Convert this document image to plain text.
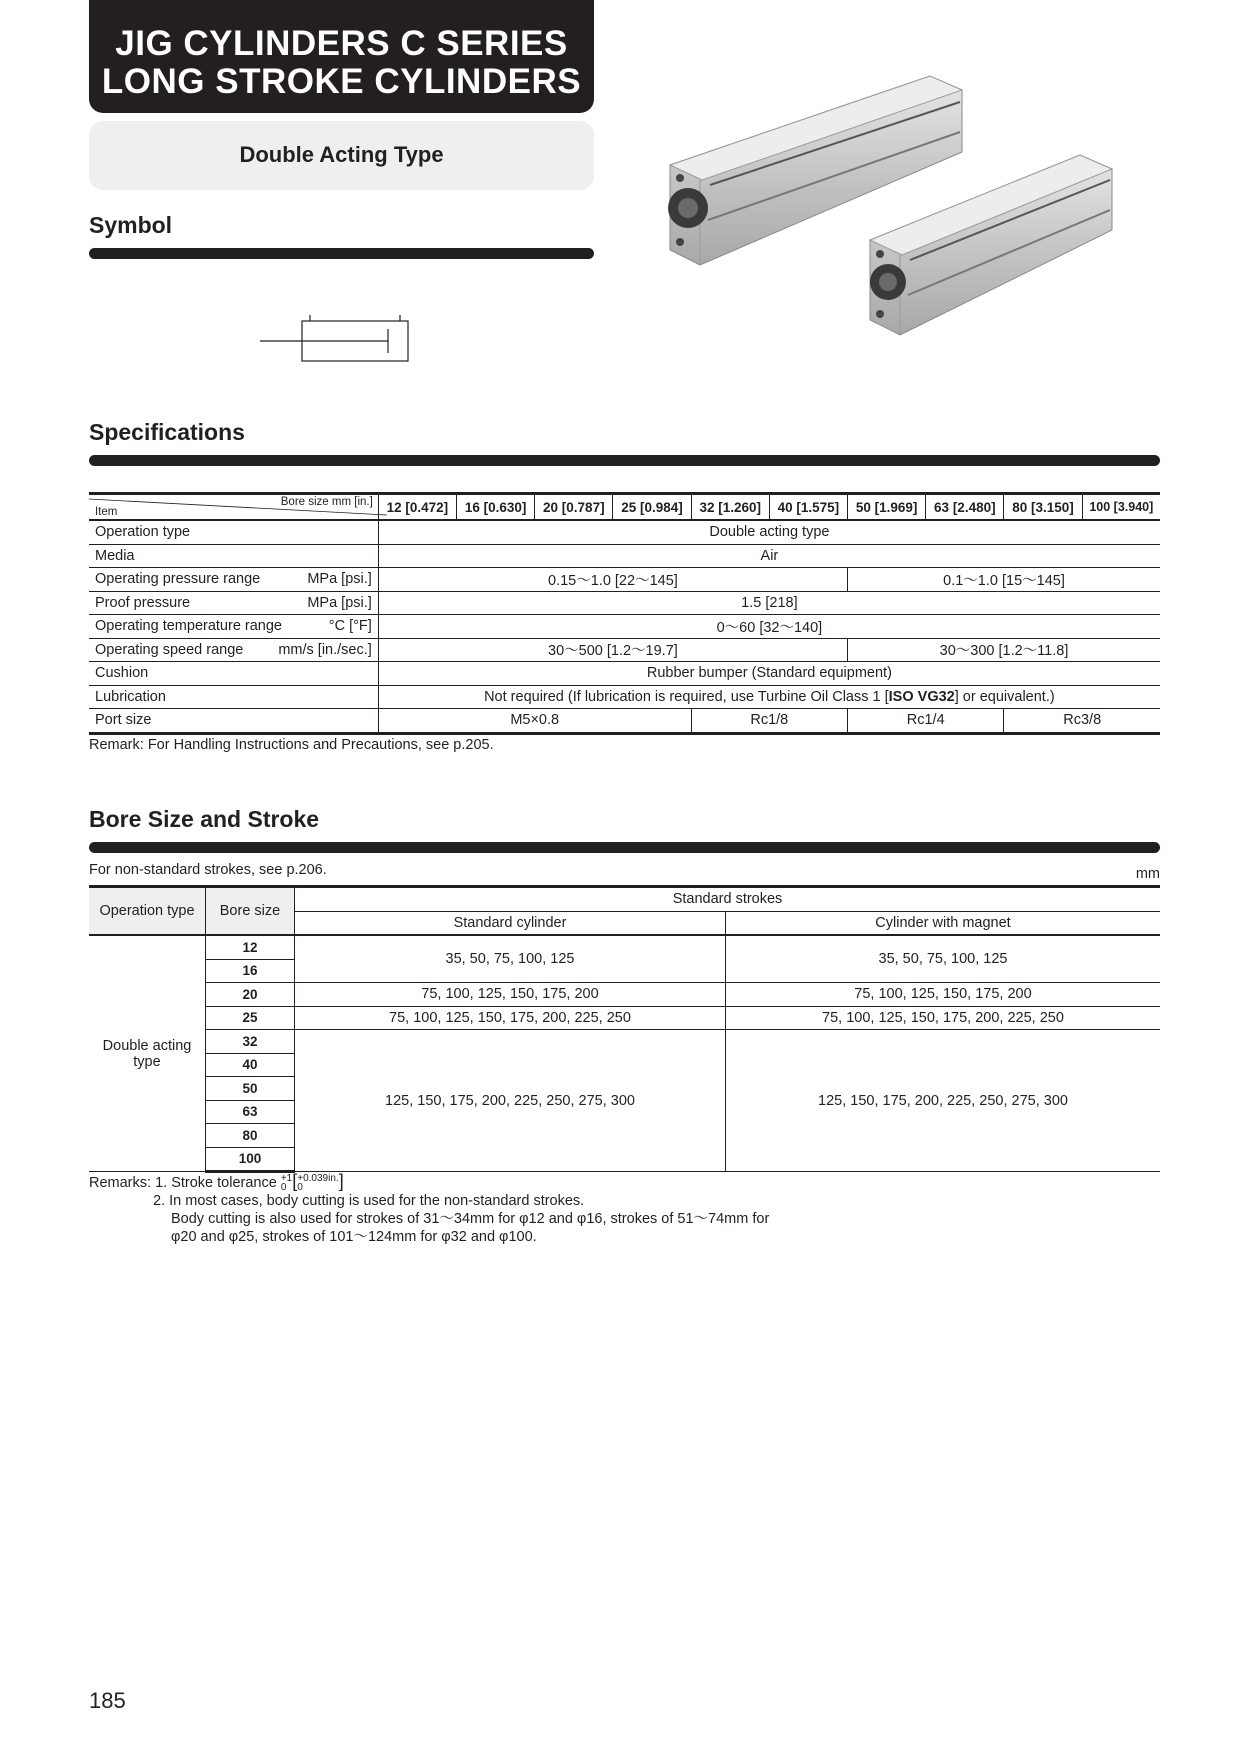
JIG CYLINDERS C SERIES
LONG STROKE CYLINDERS
Double Acting Type
Symbol
Specifications
Item
Bore size mm [in.]	12 [0.472]	16 [0.630]	20 [0.787]	25 [0.984]	32 [1.260]	40 [1.575]	50 [1.969]	63 [2.480]	80 [3.150]	100 [3.940]
Operation type	Double acting type									
Media	Air									

Operating pressure range MPa [psi.]	0.15～1.0 [22～145]						0.1～1.0 [15～145]			

Proof pressure MPa [psi.]	1.5 [218]									

Operating temperature range °C [°F]	0～60 [32～140]									

Operating speed range mm/s [in./sec.]	30～500 [1.2～19.7]						30～300 [1.2～11.8]			
Cushion	Rubber bumper (Standard equipment)									
Lubrication	Not required (If lubrication is required, use Turbine Oil Class 1 [ISO VG32] or equivalent.)									
Port size	M5×0.8				Rc1/8		Rc1/4		Rc3/8	
Remark: For Handling Instructions and Precautions, see p.205.
Bore Size and Stroke
For non-standard strokes, see p.206.	mm
Operation type	Bore size	Standard strokes	
		Standard cylinder	Cylinder with magnet
Double acting
type	12	35, 50, 75, 100, 125	35, 50, 75, 100, 125
	16		
	20	75, 100, 125, 150, 175, 200	75, 100, 125, 150, 175, 200
	25	75, 100, 125, 150, 175, 200, 225, 250	75, 100, 125, 150, 175, 200, 225, 250
	32	125, 150, 175, 200, 225, 250, 275, 300	125, 150, 175, 200, 225, 250, 275, 300
	40		
	50		
	63		
	80		
	100		
Remarks: 1. Stroke tolerance +1
0 [+0.039in.
0 ]
2. In most cases, body cutting is used for the non-standard strokes.
Body cutting is also used for strokes of 31～34mm for φ12 and φ16, strokes of 51～74mm for
φ20 and φ25, strokes of 101～124mm for φ32 and φ100.
185
